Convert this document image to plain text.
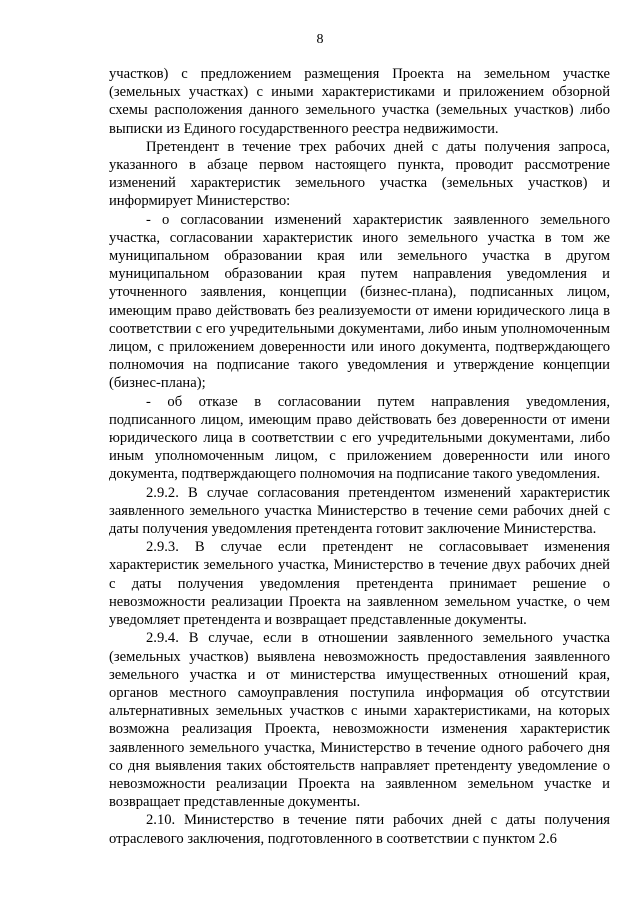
8

участков) с предложением размещения Проекта на земельном участке (земельных участках) с иными характеристиками и приложением обзорной схемы расположения данного земельного участка (земельных участков) либо выписки из Единого государственного реестра недвижимости.

Претендент в течение трех рабочих дней с даты получения запроса, указанного в абзаце первом настоящего пункта, проводит рассмотрение изменений характеристик земельного участка (земельных участков) и информирует Министерство:

- о согласовании изменений характеристик заявленного земельного участка, согласовании характеристик иного земельного участка в том же муниципальном образовании края или земельного участка в другом муниципальном образовании края путем направления уведомления и уточненного заявления, концепции (бизнес-плана), подписанных лицом, имеющим право действовать без реализуемости от имени юридического лица в соответствии с его учредительными документами, либо иным уполномоченным лицом, с приложением доверенности или иного документа, подтверждающего полномочия на подписание такого уведомления и утверждение концепции (бизнес-плана);

- об отказе в согласовании путем направления уведомления, подписанного лицом, имеющим право действовать без доверенности от имени юридического лица в соответствии с его учредительными документами, либо иным уполномоченным лицом, с приложением доверенности или иного документа, подтверждающего полномочия на подписание такого уведомления.

2.9.2. В случае согласования претендентом изменений характеристик заявленного земельного участка Министерство в течение семи рабочих дней с даты получения уведомления претендента готовит заключение Министерства.

2.9.3. В случае если претендент не согласовывает изменения характеристик земельного участка, Министерство в течение двух рабочих дней с даты получения уведомления претендента принимает решение о невозможности реализации Проекта на заявленном земельном участке, о чем уведомляет претендента и возвращает представленные документы.

2.9.4. В случае, если в отношении заявленного земельного участка (земельных участков) выявлена невозможность предоставления заявленного земельного участка и от министерства имущественных отношений края, органов местного самоуправления поступила информация об отсутствии альтернативных земельных участков с иными характеристиками, на которых возможна реализация Проекта, невозможности изменения характеристик заявленного земельного участка, Министерство в течение одного рабочего дня со дня выявления таких обстоятельств направляет претенденту уведомление о невозможности реализации Проекта на заявленном земельном участке и возвращает представленные документы.

2.10. Министерство в течение пяти рабочих дней с даты получения отраслевого заключения, подготовленного в соответствии с пунктом 2.6
